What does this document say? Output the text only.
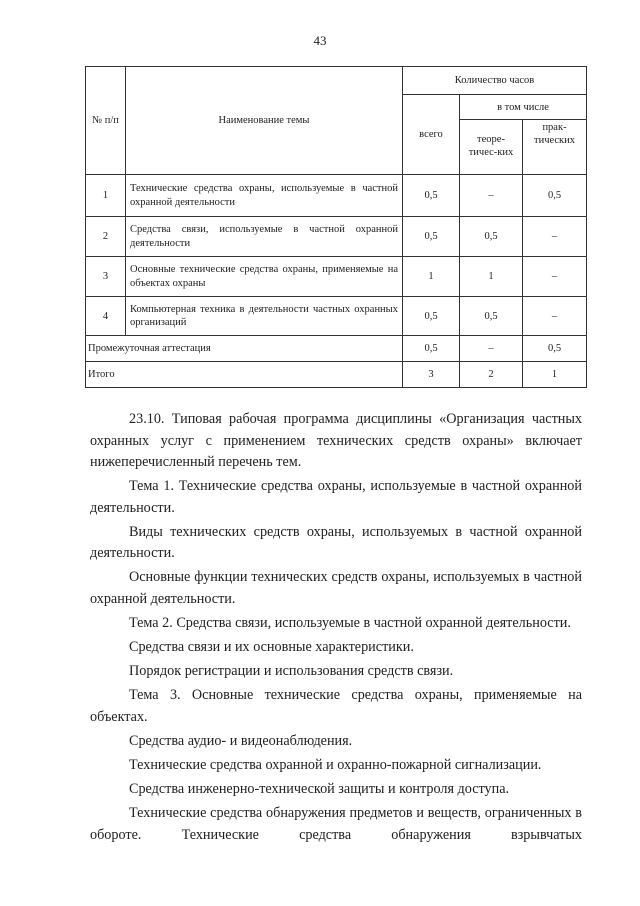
43
№ п/п	Наименование темы	Количество часов		
		всего	в том числе	
			теоре-тичес-ких	прак-тических
1	Технические средства охраны, используемые в частной охранной деятельности	0,5	–	0,5
2	Средства связи, используемые в частной охранной деятельности	0,5	0,5	–
3	Основные технические средства охраны, применяемые на объектах охраны	1	1	–
4	Компьютерная техника в деятельности частных охранных организаций	0,5	0,5	–
Промежуточная аттестация		0,5	–	0,5
Итого		3	2	1

23.10. Типовая рабочая программа дисциплины «Организация частных охранных услуг с применением технических средств охраны» включает нижеперечисленный перечень тем.

Тема 1. Технические средства охраны, используемые в частной охранной деятельности.

Виды технических средств охраны, используемых в частной охранной деятельности.

Основные функции технических средств охраны, используемых в частной охранной деятельности.

Тема 2. Средства связи, используемые в частной охранной деятельности.

Средства связи и их основные характеристики.

Порядок регистрации и использования средств связи.

Тема 3. Основные технические средства охраны, применяемые на объектах.

Средства аудио- и видеонаблюдения.

Технические средства охранной и охранно-пожарной сигнализации.

Средства инженерно-технической защиты и контроля доступа.

Технические средства обнаружения предметов и веществ, ограниченных в обороте. Технические средства обнаружения взрывчатых
